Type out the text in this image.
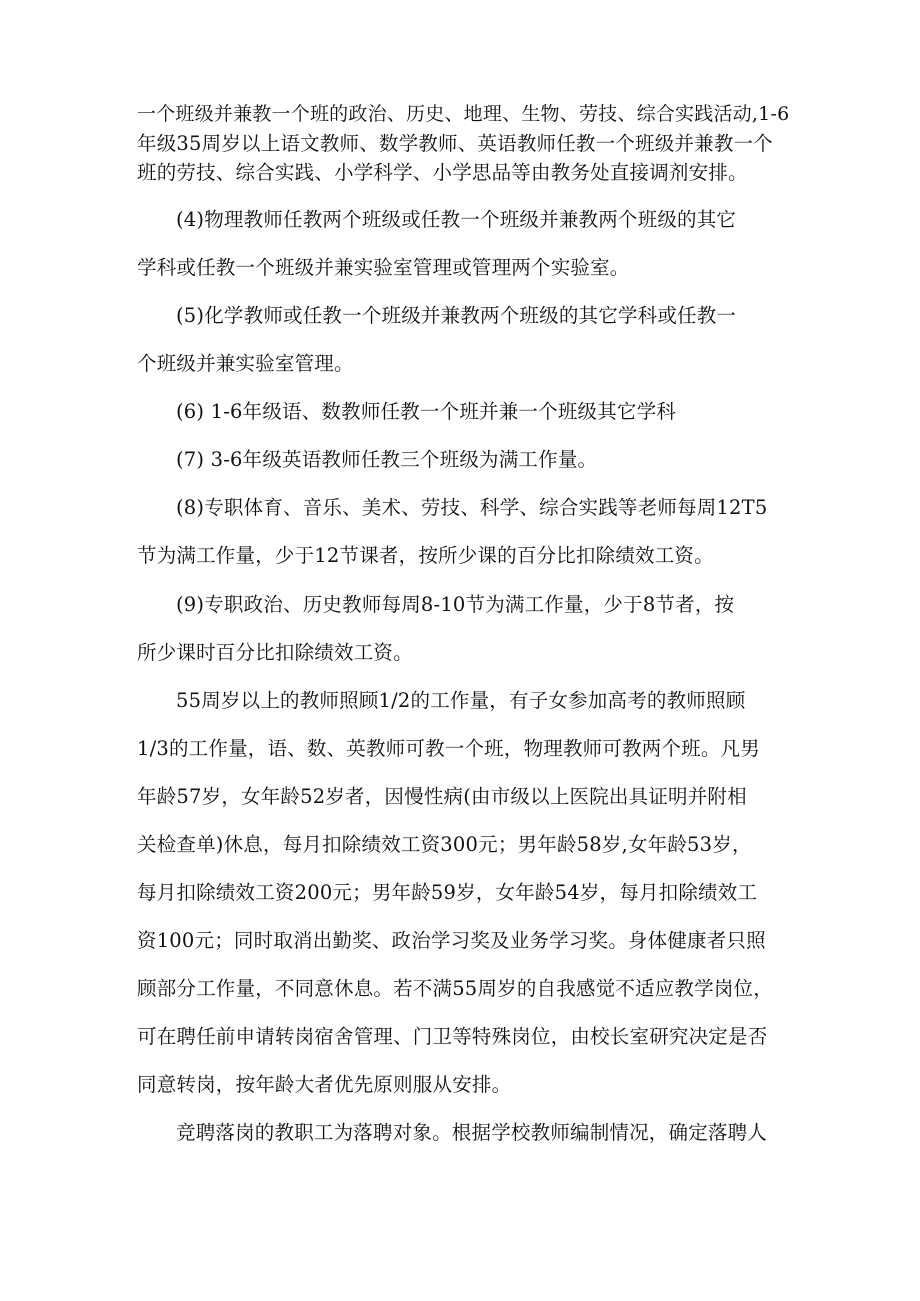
一个班级并兼教一个班的政治、历史、地理、生物、劳技、综合实践活动,1-6

年级35周岁以上语文教师、数学教师、英语教师任教一个班级并兼教一个

班的劳技、综合实践、小学科学、小学思品等由教务处直接调剂安排。

(4)物理教师任教两个班级或任教一个班级并兼教两个班级的其它

学科或任教一个班级并兼实验室管理或管理两个实验室。

(5)化学教师或任教一个班级并兼教两个班级的其它学科或任教一

个班级并兼实验室管理。

(6) 1-6年级语、数教师任教一个班并兼一个班级其它学科

(7) 3-6年级英语教师任教三个班级为满工作量。

(8)专职体育、音乐、美术、劳技、科学、综合实践等老师每周12T5

节为满工作量，少于12节课者，按所少课的百分比扣除绩效工资。

(9)专职政治、历史教师每周8-10节为满工作量，少于8节者，按

所少课时百分比扣除绩效工资。

55周岁以上的教师照顾1/2的工作量，有子女参加高考的教师照顾

1/3的工作量，语、数、英教师可教一个班，物理教师可教两个班。凡男

年龄57岁，女年龄52岁者，因慢性病(由市级以上医院出具证明并附相

关检查单)休息，每月扣除绩效工资300元；男年龄58岁,女年龄53岁，

每月扣除绩效工资200元；男年龄59岁，女年龄54岁，每月扣除绩效工

资100元；同时取消出勤奖、政治学习奖及业务学习奖。身体健康者只照

顾部分工作量，不同意休息。若不满55周岁的自我感觉不适应教学岗位，

可在聘任前申请转岗宿舍管理、门卫等特殊岗位，由校长室研究决定是否

同意转岗，按年龄大者优先原则服从安排。

竞聘落岗的教职工为落聘对象。根据学校教师编制情况，确定落聘人
